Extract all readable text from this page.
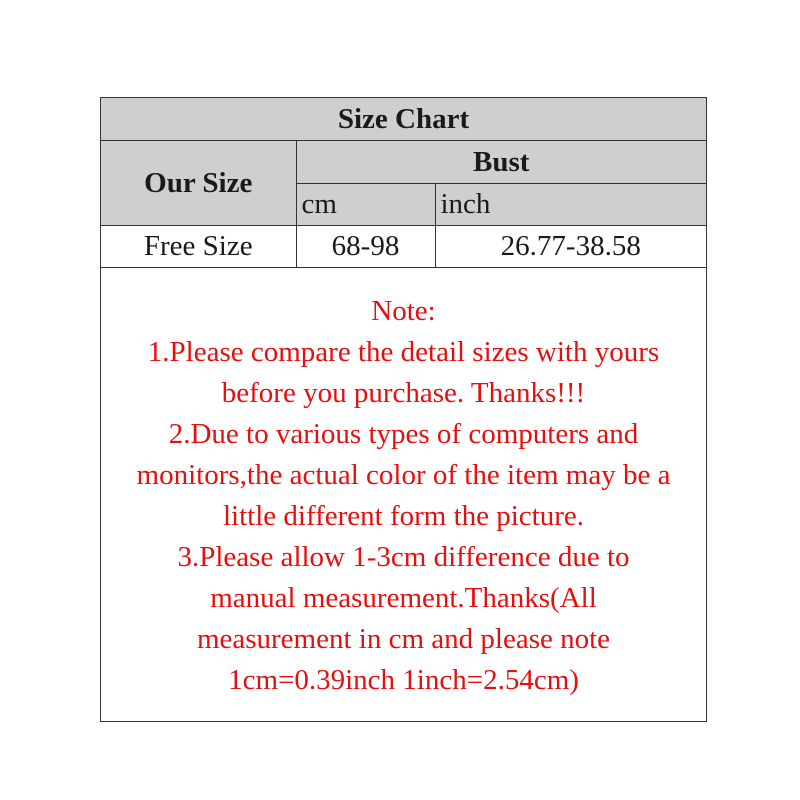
Size Chart		
Our Size	Bust	
	cm	inch
Free Size	68-98	26.77-38.58
Note:
1.Please compare the detail sizes with yours
before you purchase. Thanks!!!
2.Due to various types of computers and
monitors,the actual color of the item may be a
little different form the picture.
3.Please allow 1-3cm difference due to
manual measurement.Thanks(All
measurement in cm and please note
1cm=0.39inch 1inch=2.54cm)
